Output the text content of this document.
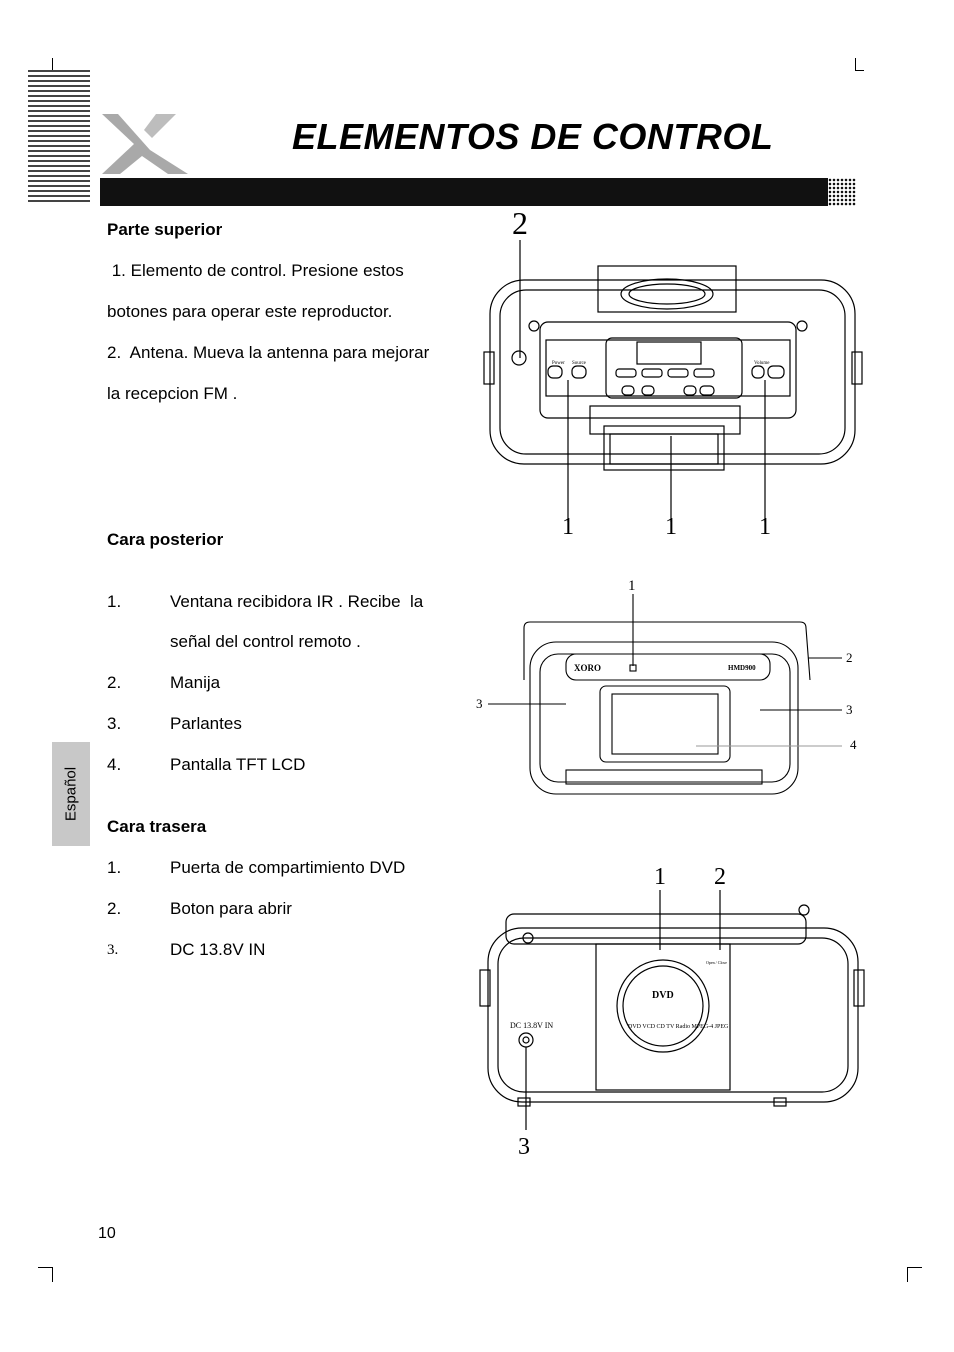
ELEMENTOS DE CONTROL
Español
Parte superior
1. Elemento de control. Presione estos
botones para operar este reproductor.
2.  Antena. Mueva la antenna para mejorar
la recepcion FM .
Cara posterior
1.	Ventana recibidora IR . Recibe  la
señal del control remoto .
2.	Manija
3.	Parlantes
4.	Pantalla TFT LCD
Cara trasera
1.	Puerta de compartimiento DVD
2.	Boton para abrir
3.	DC 13.8V IN
2
Power Source	Volume
1	1	1
1
XORO	HMD900
2
3	3
4
1 2
DVD
DVD VCD CD TV Radio MPEG-4 JPEG
Open / Close
DC 13.8V IN
3
10
